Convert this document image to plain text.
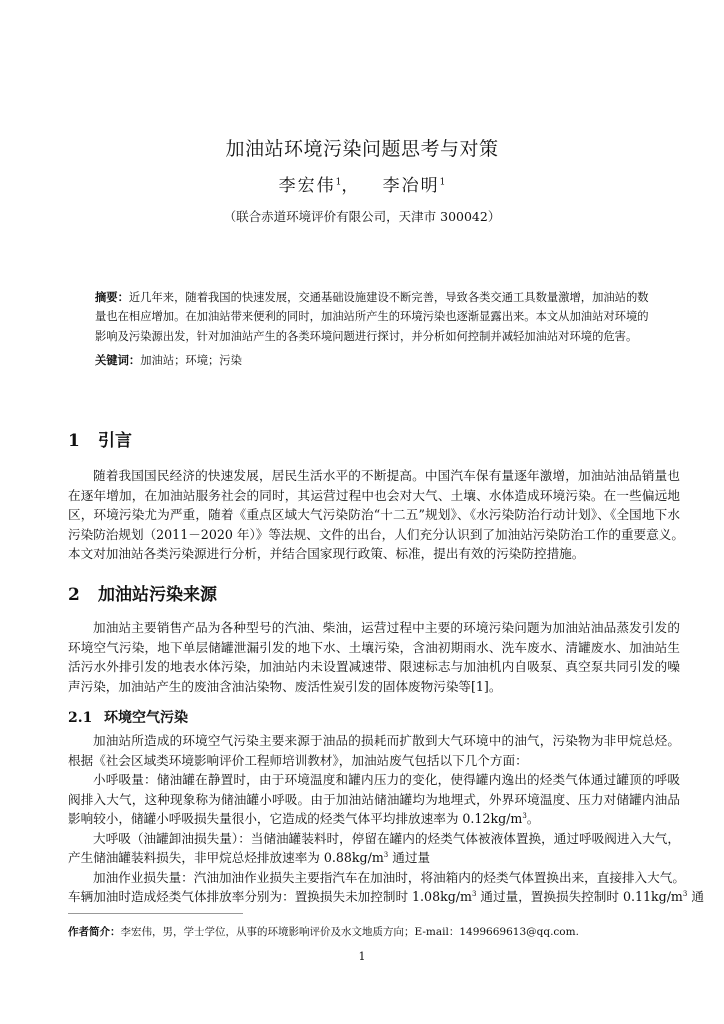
加油站环境污染问题思考与对策
李宏伟$^1$， 李冶明$^1$
（联合赤道环境评价有限公司，天津市 300042）
摘要：近几年来，随着我国的快速发展，交通基础设施建设不断完善，导致各类交通工具数量激增，加油站的数
量也在相应增加。在加油站带来便利的同时，加油站所产生的环境污染也逐渐显露出来。本文从加油站对环境的
影响及污染源出发，针对加油站产生的各类环境问题进行探讨，并分析如何控制并减轻加油站对环境的危害。
关键词：加油站；环境；污染
1 引言
随着我国国民经济的快速发展，居民生活水平的不断提高。中国汽车保有量逐年激增，加油站油品销量也
在逐年增加，在加油站服务社会的同时，其运营过程中也会对大气、土壤、水体造成环境污染。在一些偏远地
区，环境污染尤为严重，随着《重点区域大气污染防治“十二五”规划》、《水污染防治行动计划》、《全国地下水
污染防治规划（2011－2020 年）》等法规、文件的出台，人们充分认识到了加油站污染防治工作的重要意义。
本文对加油站各类污染源进行分析，并结合国家现行政策、标准，提出有效的污染防控措施。
2 加油站污染来源
加油站主要销售产品为各种型号的汽油、柴油，运营过程中主要的环境污染问题为加油站油品蒸发引发的
环境空气污染，地下单层储罐泄漏引发的地下水、土壤污染，含油初期雨水、洗车废水、清罐废水、加油站生
活污水外排引发的地表水体污染，加油站内未设置减速带、限速标志与加油机内自吸泵、真空泵共同引发的噪
声污染，加油站产生的废油含油沾染物、废活性炭引发的固体废物污染等[1]。
2.1 环境空气污染
加油站所造成的环境空气污染主要来源于油品的损耗而扩散到大气环境中的油气，污染物为非甲烷总烃。
根据《社会区域类环境影响评价工程师培训教材》，加油站废气包括以下几个方面：
小呼吸量：储油罐在静置时，由于环境温度和罐内压力的变化，使得罐内逸出的烃类气体通过罐顶的呼吸
阀排入大气，这种现象称为储油罐小呼吸。由于加油站储油罐均为地埋式，外界环境温度、压力对储罐内油品
影响较小，储罐小呼吸损失量很小，它造成的烃类气体平均排放速率为 $0.12kg/m^3$。
大呼吸（油罐卸油损失量）：当储油罐装料时，停留在罐内的烃类气体被液体置换，通过呼吸阀进入大气，
产生储油罐装料损失，非甲烷总烃排放速率为 $0.88kg/m^3$ 通过量
加油作业损失量：汽油加油作业损失主要指汽车在加油时，将油箱内的烃类气体置换出来，直接排入大气。
车辆加油时造成烃类气体排放率分别为：置换损失未加控制时 $1.08kg/m^3$ 通过量，置换损失控制时 $0.11kg/m^3$ 通
作者简介：李宏伟，男，学士学位，从事的环境影响评价及水文地质方向；E-mail：1499669613@qq.com.
1
